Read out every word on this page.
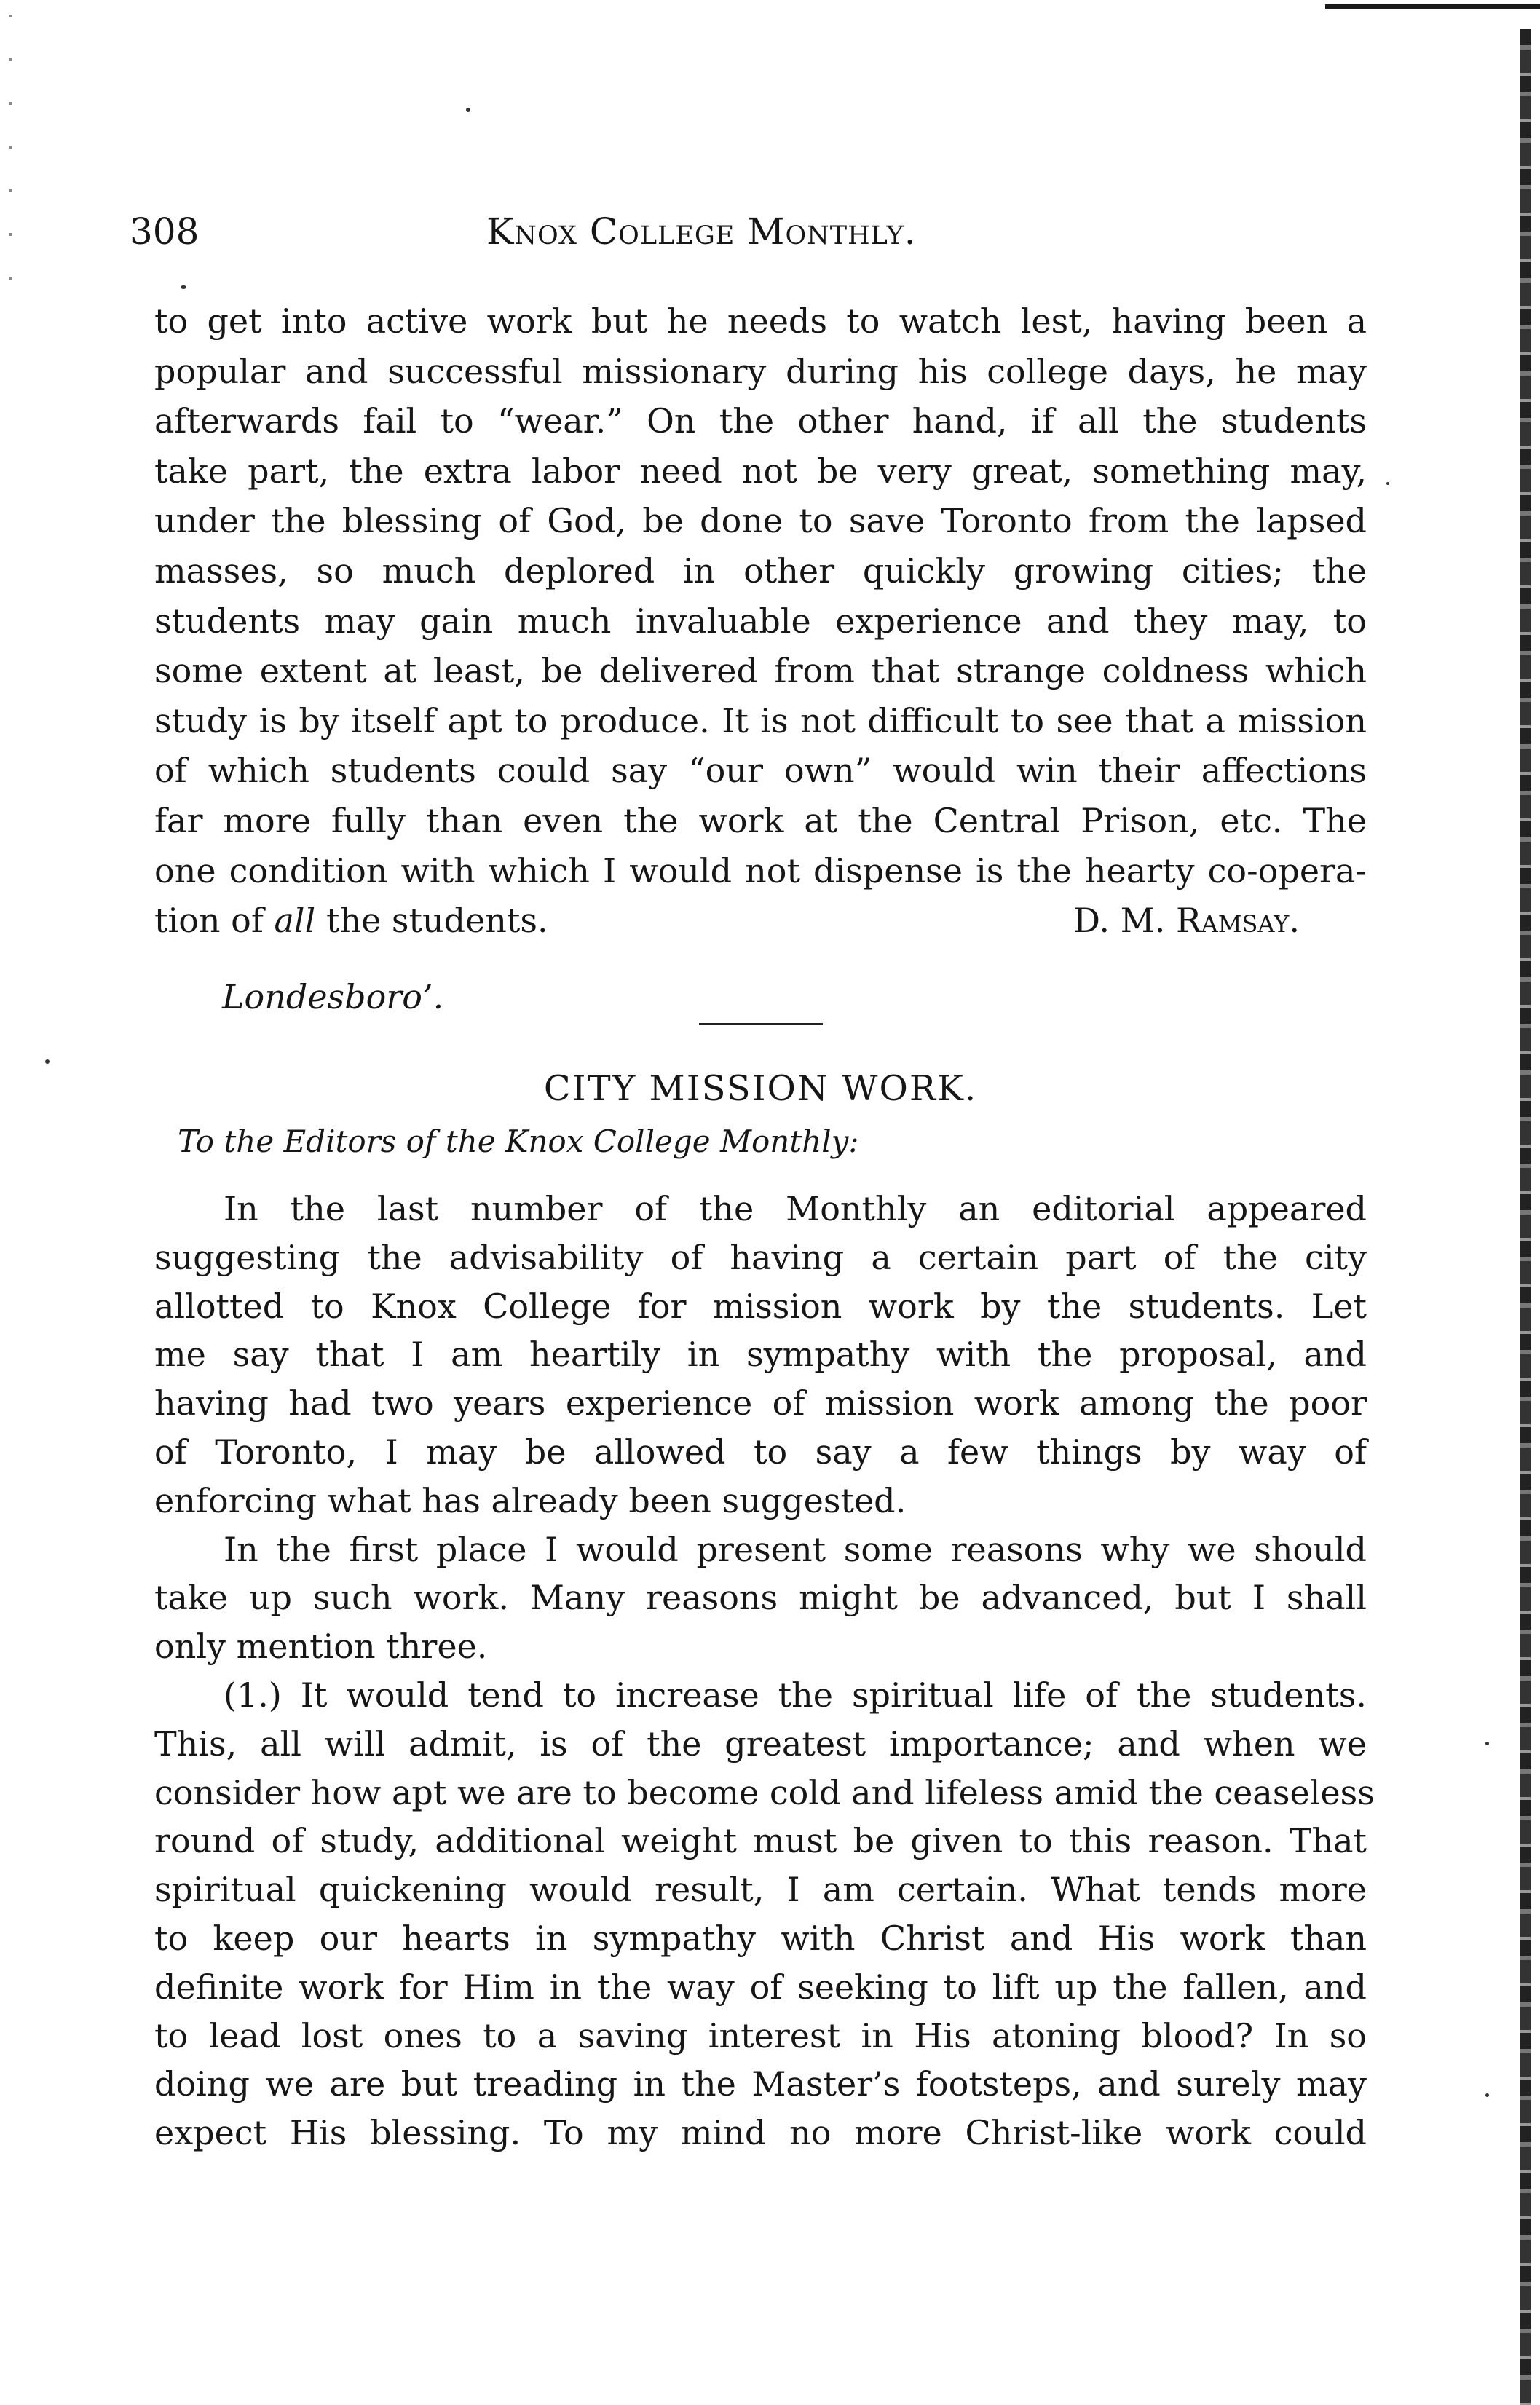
308	Knox College Monthly.
to get into active work but he needs to watch lest, having been a
popular and successful missionary during his college days, he may
afterwards fail to “wear.” On the other hand, if all the students
take part, the extra labor need not be very great, something may,
under the blessing of God, be done to save Toronto from the lapsed
masses, so much deplored in other quickly growing cities; the
students may gain much invaluable experience and they may, to
some extent at least, be delivered from that strange coldness which
study is by itself apt to produce. It is not difficult to see that a mission
of which students could say “our own” would win their affections
far more fully than even the work at the Central Prison, etc. The
one condition with which I would not dispense is the hearty co-opera-
tion of all the students.	D. M. Ramsay.
Londesboro’.
CITY MISSION WORK.
To the Editors of the Knox College Monthly:
In the last number of the Monthly an editorial appeared
suggesting the advisability of having a certain part of the city
allotted to Knox College for mission work by the students. Let
me say that I am heartily in sympathy with the proposal, and
having had two years experience of mission work among the poor
of Toronto, I may be allowed to say a few things by way of
enforcing what has already been suggested.
In the first place I would present some reasons why we should
take up such work. Many reasons might be advanced, but I shall
only mention three.
(1.) It would tend to increase the spiritual life of the students.
This, all will admit, is of the greatest importance; and when we
consider how apt we are to become cold and lifeless amid the ceaseless
round of study, additional weight must be given to this reason. That
spiritual quickening would result, I am certain. What tends more
to keep our hearts in sympathy with Christ and His work than
definite work for Him in the way of seeking to lift up the fallen, and
to lead lost ones to a saving interest in His atoning blood? In so
doing we are but treading in the Master’s footsteps, and surely may
expect His blessing. To my mind no more Christ-like work could
